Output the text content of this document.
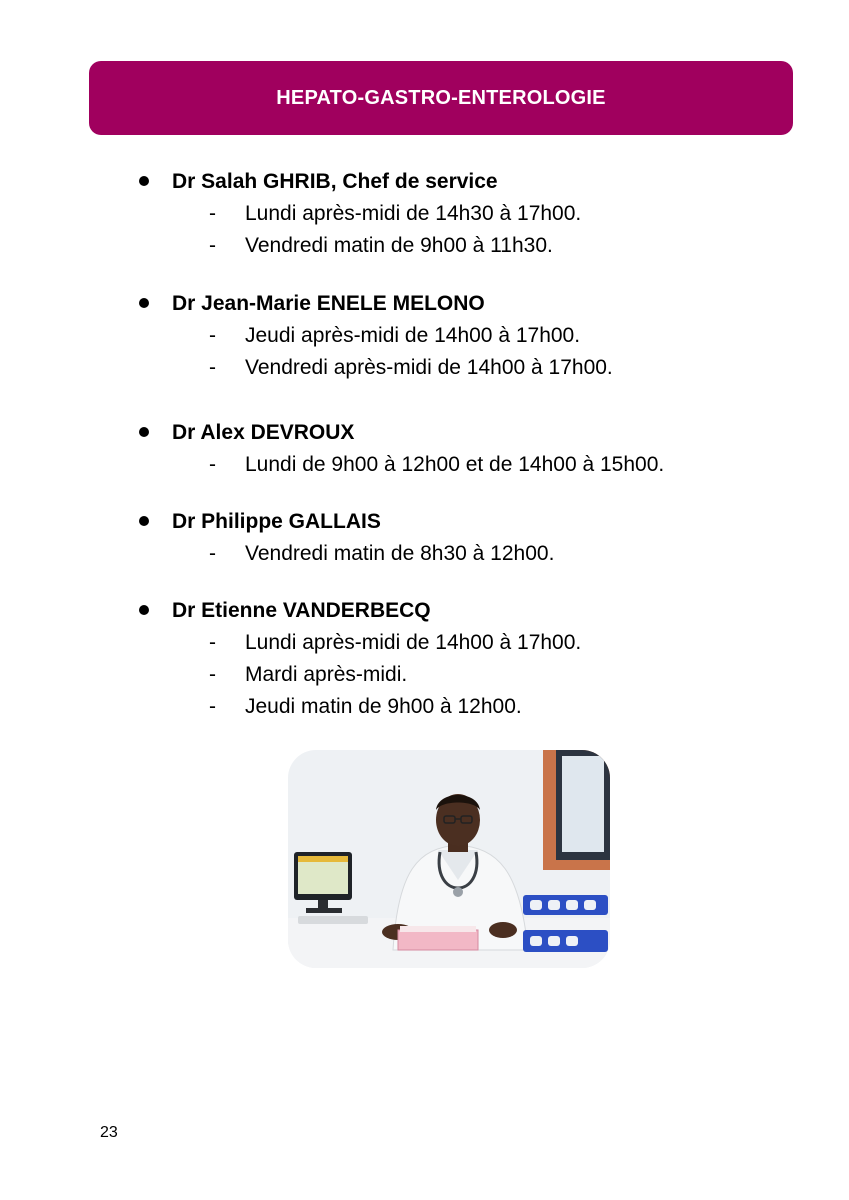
HEPATO-GASTRO-ENTEROLOGIE
Dr Salah GHRIB, Chef de service
- Lundi après-midi de 14h30 à 17h00.
- Vendredi matin de 9h00 à 11h30.
Dr Jean-Marie ENELE MELONO
- Jeudi après-midi de 14h00 à 17h00.
- Vendredi après-midi de 14h00 à 17h00.
Dr Alex DEVROUX
- Lundi de 9h00 à 12h00 et de 14h00 à 15h00.
Dr Philippe GALLAIS
- Vendredi matin de 8h30 à 12h00.
Dr Etienne VANDERBECQ
- Lundi après-midi de 14h00 à 17h00.
- Mardi après-midi.
- Jeudi matin de 9h00 à 12h00.
23
